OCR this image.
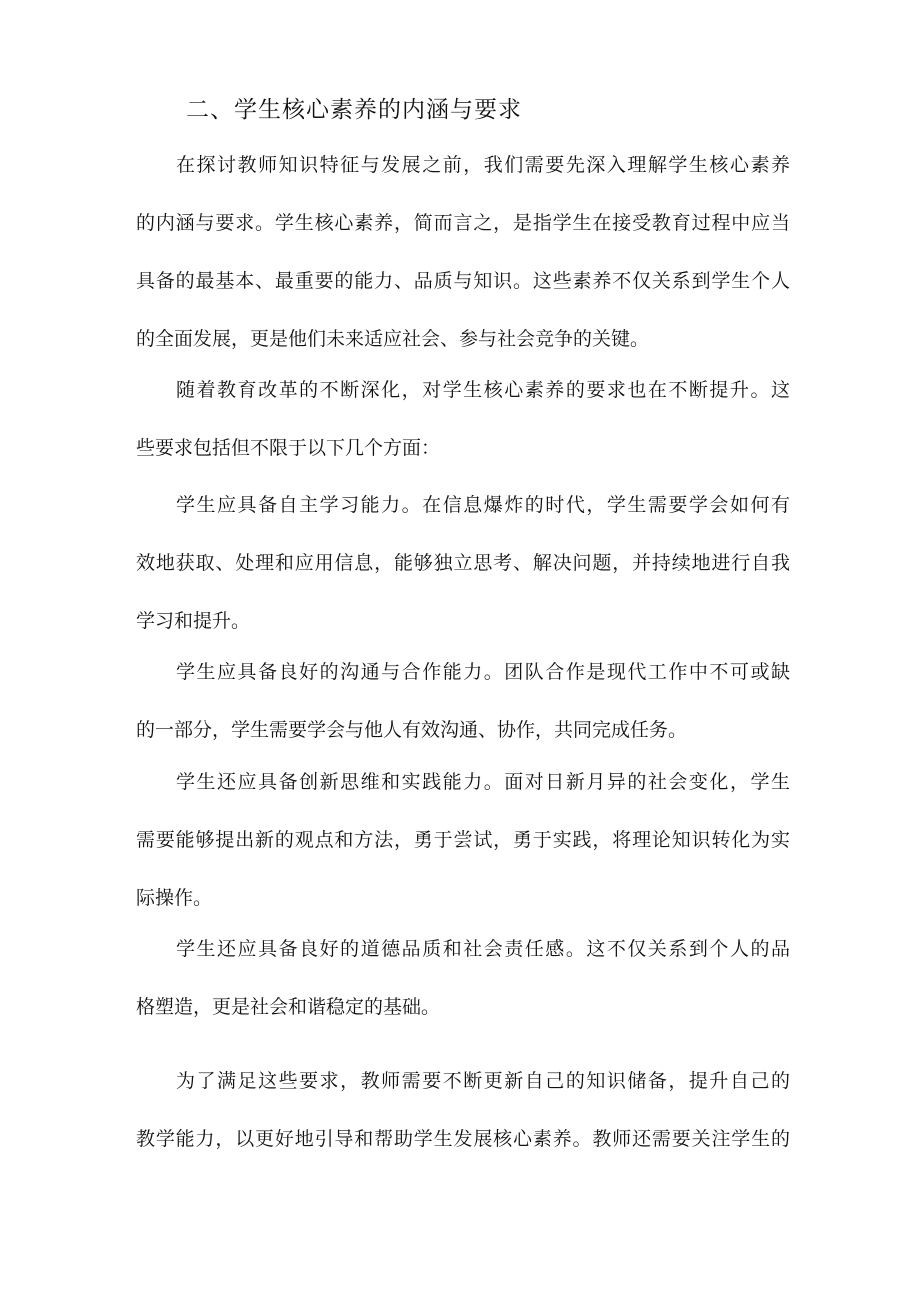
二、学生核心素养的内涵与要求
在探讨教师知识特征与发展之前，我们需要先深入理解学生核心素养
的内涵与要求。学生核心素养，简而言之，是指学生在接受教育过程中应当
具备的最基本、最重要的能力、品质与知识。这些素养不仅关系到学生个人
的全面发展，更是他们未来适应社会、参与社会竞争的关键。
随着教育改革的不断深化，对学生核心素养的要求也在不断提升。这
些要求包括但不限于以下几个方面：
学生应具备自主学习能力。在信息爆炸的时代，学生需要学会如何有
效地获取、处理和应用信息，能够独立思考、解决问题，并持续地进行自我
学习和提升。
学生应具备良好的沟通与合作能力。团队合作是现代工作中不可或缺
的一部分，学生需要学会与他人有效沟通、协作，共同完成任务。
学生还应具备创新思维和实践能力。面对日新月异的社会变化，学生
需要能够提出新的观点和方法，勇于尝试，勇于实践，将理论知识转化为实
际操作。
学生还应具备良好的道德品质和社会责任感。这不仅关系到个人的品
格塑造，更是社会和谐稳定的基础。
为了满足这些要求，教师需要不断更新自己的知识储备，提升自己的
教学能力，以更好地引导和帮助学生发展核心素养。教师还需要关注学生的
